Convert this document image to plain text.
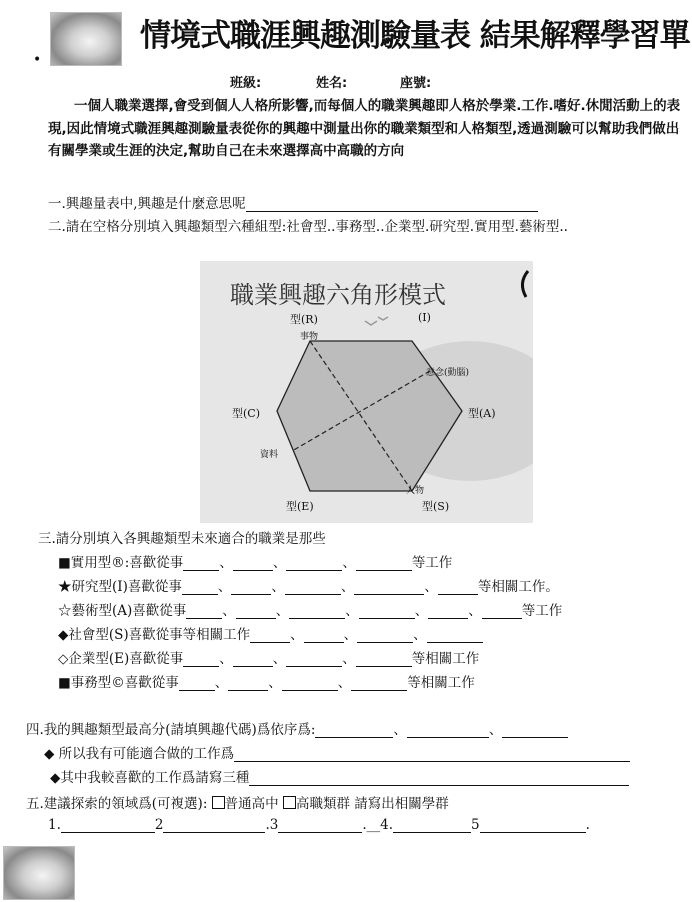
•
情境式職涯興趣測驗量表 結果解釋學習單
班級:	姓名:	座號:
一個人職業選擇,會受到個人人格所影響,而每個人的職業興趣即人格於學業.工作.嗜好.休閒活動上的表現,因此情境式職涯興趣測驗量表從你的興趣中測量出你的職業類型和人格類型,透過測驗可以幫助我們做出有關學業或生涯的決定,幫助自己在未來選擇高中高職的方向
一.興趣量表中,興趣是什麼意思呢
二.請在空格分別填入興趣類型六種組型:社會型..事務型..企業型.研究型.實用型.藝術型..
職業興趣六角形模式
型(R)	(I)
型(C)	型(A)
型(E)	型(S)
事物
意念(動腦)
資料
人物
三.請分別填入各興趣類型未來適合的職業是那些
■實用型®:喜歡從事	、	、	、	等工作
★研究型(I)喜歡從事	、	、	、	、	等相關工作。
☆藝術型(A)喜歡從事	、	、	、	、	、	等工作
◆社會型(S)喜歡從事等相關工作	、	、	、
◇企業型(E)喜歡從事	、	、	、	等相關工作
■事務型©喜歡從事	、	、	、	等相關工作
四.我的興趣類型最高分(請填興趣代碼)爲依序爲:	、	、
◆ 所以我有可能適合做的工作爲
◆其中我較喜歡的工作爲請寫三種
五.建議探索的領域爲(可複選): 普通高中 高職類群 請寫出相關學群
1.	2	.3	.__4.	5	.
